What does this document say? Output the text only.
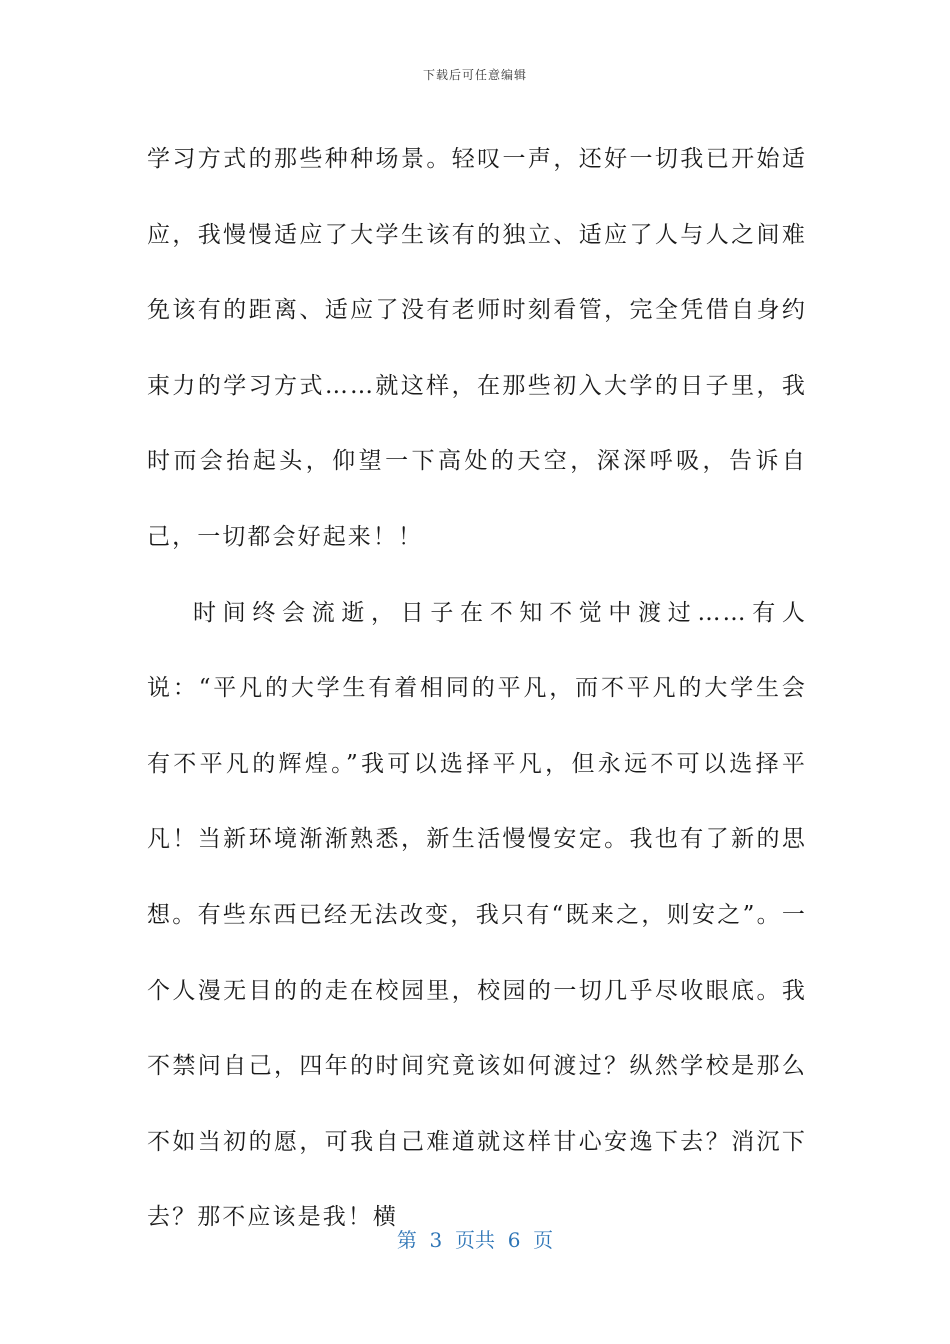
下载后可任意编辑

学习方式的那些种种场景。轻叹一声，还好一切我已开始适应，我慢慢适应了大学生该有的独立、适应了人与人之间难免该有的距离、适应了没有老师时刻看管，完全凭借自身约束力的学习方式……就这样，在那些初入大学的日子里，我时而会抬起头，仰望一下高处的天空，深深呼吸，告诉自己，一切都会好起来！！

时间终会流逝，日子在不知不觉中渡过……有人说：“平凡的大学生有着相同的平凡，而不平凡的大学生会有不平凡的辉煌。”我可以选择平凡，但永远不可以选择平凡！当新环境渐渐熟悉，新生活慢慢安定。我也有了新的思想。有些东西已经无法改变，我只有“既来之，则安之”。一个人漫无目的的走在校园里，校园的一切几乎尽收眼底。我不禁问自己，四年的时间究竟该如何渡过？纵然学校是那么不如当初的愿，可我自己难道就这样甘心安逸下去？消沉下去？那不应该是我！横

第  3  页共  6  页
